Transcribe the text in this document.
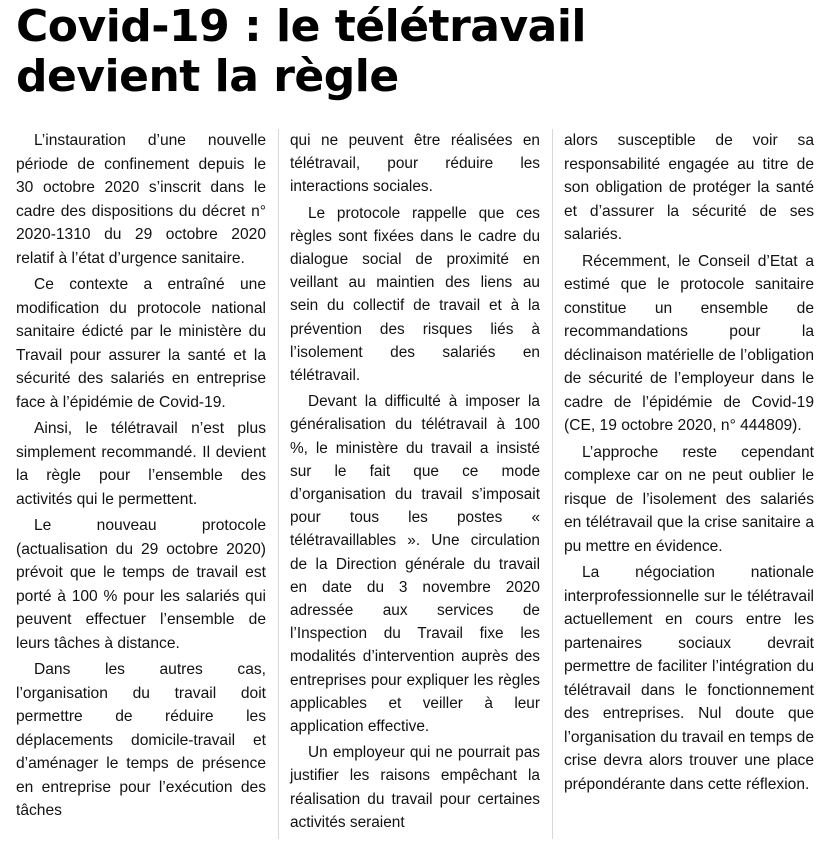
Covid-19 : le télétravail
devient la règle

L’instauration d’une nouvelle période de confinement depuis le 30 octobre 2020 s’inscrit dans le cadre des dispositions du décret n° 2020-1310 du 29 octobre 2020 relatif à l’état d’urgence sanitaire.

Ce contexte a entraîné une modification du protocole national sanitaire édicté par le ministère du Travail pour assurer la santé et la sécurité des salariés en entreprise face à l’épidémie de Covid-19.

Ainsi, le télétravail n’est plus simplement recommandé. Il devient la règle pour l’ensemble des activités qui le permettent.

Le nouveau protocole (actualisation du 29 octobre 2020) prévoit que le temps de travail est porté à 100 % pour les salariés qui peuvent effectuer l’ensemble de leurs tâches à distance.

Dans les autres cas, l’organisation du travail doit permettre de réduire les déplacements domicile-travail et d’aménager le temps de présence en entreprise pour l’exécution des tâches

qui ne peuvent être réalisées en télétravail, pour réduire les interactions sociales.

Le protocole rappelle que ces règles sont fixées dans le cadre du dialogue social de proximité en veillant au maintien des liens au sein du collectif de travail et à la prévention des risques liés à l’isolement des salariés en télétravail.

Devant la difficulté à imposer la généralisation du télétravail à 100 %, le ministère du travail a insisté sur le fait que ce mode d’organisation du travail s’imposait pour tous les postes « télétravaillables ». Une circulation de la Direction générale du travail en date du 3 novembre 2020 adressée aux services de l’Inspection du Travail fixe les modalités d’intervention auprès des entreprises pour expliquer les règles applicables et veiller à leur application effective.

Un employeur qui ne pourrait pas justifier les raisons empêchant la réalisation du travail pour certaines activités seraient

alors susceptible de voir sa responsabilité engagée au titre de son obligation de protéger la santé et d’assurer la sécurité de ses salariés.

Récemment, le Conseil d’Etat a estimé que le protocole sanitaire constitue un ensemble de recommandations pour la déclinaison matérielle de l’obligation de sécurité de l’employeur dans le cadre de l’épidémie de Covid-19 (CE, 19 octobre 2020, n° 444809).

L’approche reste cependant complexe car on ne peut oublier le risque de l’isolement des salariés en télétravail que la crise sanitaire a pu mettre en évidence.

La négociation nationale interprofessionnelle sur le télétravail actuellement en cours entre les partenaires sociaux devrait permettre de faciliter l’intégration du télétravail dans le fonctionnement des entreprises. Nul doute que l’organisation du travail en temps de crise devra alors trouver une place prépondérante dans cette réflexion.
